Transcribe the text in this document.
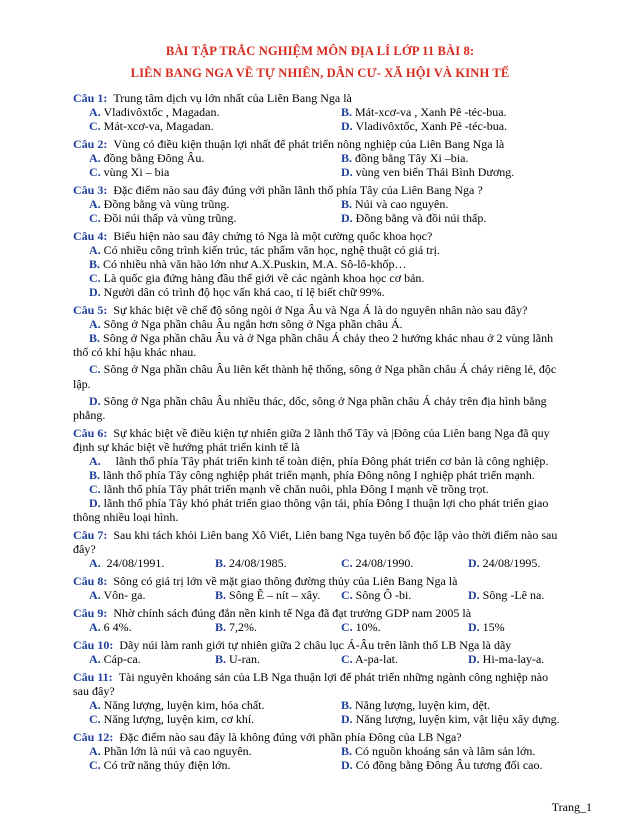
BÀI TẬP TRẮC NGHIỆM MÔN ĐỊA LÍ LỚP 11 BÀI 8:
LIÊN BANG NGA VỀ TỰ NHIÊN, DÂN CƯ- XÃ HỘI VÀ KINH TẾ
Câu 1: Trung tâm dịch vụ lớn nhất của Liên Bang Nga là
A. Vladivôxtốc , Magadan.	B. Mát-xcơ-va , Xanh Pê -téc-bua.
C. Mát-xcơ-va, Magadan.	D. Vladivôxtốc, Xanh Pê -téc-bua.
Câu 2: Vùng có điều kiện thuận lợi nhất để phát triển nông nghiệp của Liên Bang Nga là
A. đồng bằng Đông Âu.	B. đồng bằng Tây Xi –bia.
C. vùng Xi – bia	D. vùng ven biển Thái Bình Dương.
Câu 3: Đặc điểm nào sau đây đúng với phần lãnh thổ phía Tây của Liên Bang Nga ?
A. Đồng bằng và vùng trũng.	B. Núi và cao nguyên.
C. Đồi núi thấp và vùng trũng.	D. Đồng bằng và đồi núi thấp.
Câu 4: Biểu hiện nào sau đây chứng tỏ Nga là một cường quốc khoa học?
A. Có nhiều công trình kiến trúc, tác phẩm văn học, nghệ thuật có giá trị.
B. Có nhiều nhà văn hào lớn như A.X.Puskin, M.A. Sô-lô-khốp…
C. Là quốc gia đứng hàng đầu thế giới về các ngành khoa học cơ bản.
D. Người dân có trình độ học vấn khá cao, tỉ lệ biết chữ 99%.
Câu 5: Sự khác biệt về chế độ sông ngòi ở Nga Âu và Nga Á là do nguyên nhân nào sau đây?
A. Sông ở Nga phần châu Âu ngắn hơn sông ở Nga phần châu Á.
B. Sông ở Nga phần châu Âu và ở Nga phần châu Á chảy theo 2 hướng khác nhau ở 2 vùng lãnh
thổ có khí hậu khác nhau.
C. Sông ở Nga phần châu Âu liên kết thành hệ thống, sông ở Nga phần châu Á chảy riêng lẻ, độc
lập.
D. Sông ở Nga phần châu Âu nhiều thác, dốc, sông ở Nga phần châu Á chảy trên địa hình bằng
phẳng.
Câu 6: Sự khác biệt về điều kiện tự nhiên giữa 2 lãnh thổ Tây và |Đông của Liên bang Nga đã quy
định sự khác biệt về hướng phát triển kinh tế là
A. lãnh thổ phía Tây phát triển kinh tế toàn diện, phía Đông phát triển cơ bản là công nghiệp.
B. lãnh thổ phía Tây công nghiệp phát triển mạnh, phía Đông nông I nghiệp phát triển mạnh.
C. lãnh thổ phía Tây phát triển mạnh về chăn nuôi, phla Đông I mạnh về trồng trọt.
D. lãnh thổ phía Tây khó phát triển giao thông vận tải, phía Đông I thuận lợi cho phát triển giao
thông nhiều loại hình.
Câu 7: Sau khi tách khỏi Liên bang Xô Viết, Liên bang Nga tuyên bố độc lập vào thời điểm nào sau
đây?
A. 24/08/1991.	B. 24/08/1985.	C. 24/08/1990.	D. 24/08/1995.
Câu 8: Sông có giá trị lớn về mặt giao thông đường thủy của Liên Bang Nga là
A. Vôn- ga.	B. Sông Ê – nít – xây. C. Sông Ô -bi.	D. Sông -Lê na.
Câu 9: Nhờ chính sách đúng đắn nền kinh tế Nga đã đạt trưởng GDP nam 2005 là
A. 6 4%.	B. 7,2%.	C. 10%.	D. 15%
Câu 10: Dãy núi làm ranh giới tự nhiên giữa 2 châu lục Á-Âu trên lãnh thổ LB Nga là dãy
A. Cáp-ca.	B. U-ran.	C. A-pa-lat.	D. Hi-ma-lay-a.
Câu 11: Tài nguyên khoáng sản của LB Nga thuận lợi để phát triển những ngành công nghiệp nào
sau đây?
A. Năng lượng, luyện kim, hóa chất.	B. Năng lượng, luyện kim, dệt.
C. Năng lượng, luyện kim, cơ khí.	D. Năng lượng, luyện kim, vật liệu xây dựng.
Câu 12: Đặc điểm nào sau đây là không đúng với phần phía Đông của LB Nga?
A. Phần lớn là núi và cao nguyên.	B. Có nguồn khoáng sản và lâm sản lớn.
C. Có trữ năng thủy điện lớn.	D. Có đồng bằng Đông Âu tương đối cao.
Trang_1
